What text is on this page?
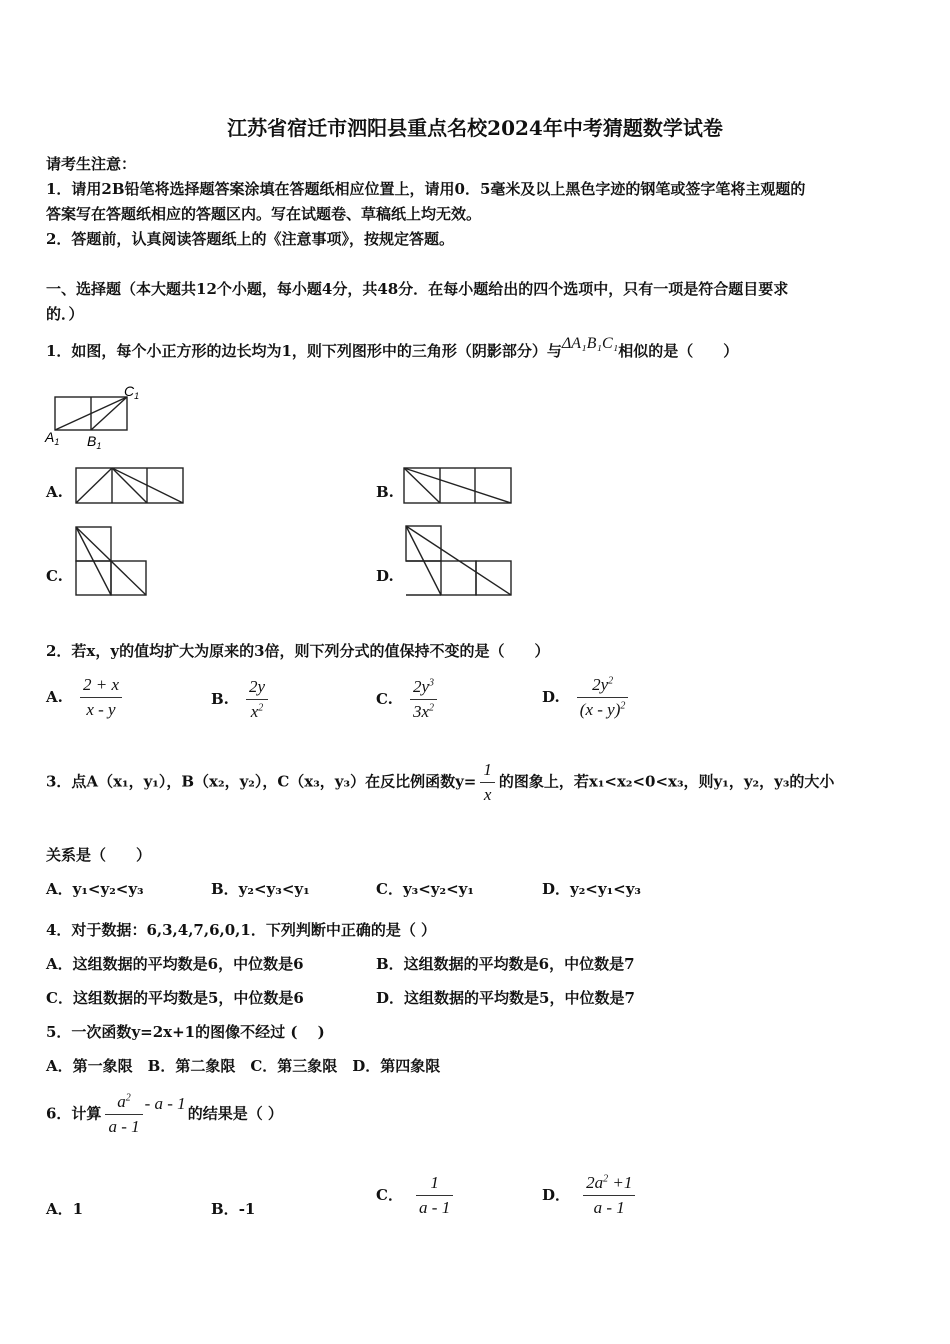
江苏省宿迁市泗阳县重点名校2024年中考猜题数学试卷
请考生注意：
1．请用2B铅笔将选择题答案涂填在答题纸相应位置上，请用0．5毫米及以上黑色字迹的钢笔或签字笔将主观题的
答案写在答题纸相应的答题区内。写在试题卷、草稿纸上均无效。
2．答题前，认真阅读答题纸上的《注意事项》，按规定答题。
一、选择题（本大题共12个小题，每小题4分，共48分．在每小题给出的四个选项中，只有一项是符合题目要求
的．）
1．如图，每个小正方形的边长均为1，则下列图形中的三角形（阴影部分）与ΔA₁B₁C₁相似的是（　　）
$A_1$ $B_1$
$C_1$
A.	B.
C.	D.
2．若x，y的值均扩大为原来的3倍，则下列分式的值保持不变的是（　　）
A. $\frac{2 + x}{x - y}$	B. $\frac{2y}{x^2}$	C. $\frac{2y^3}{3x^2}$	D. $\frac{2y^2}{(x - y)^2}$
3．点A（x₁，y₁），B（x₂，y₂），C（x₃，y₃）在反比例函数$y= \frac{1}{x}$ 的图象上，若x₁<x₂<0<x₃，则y₁，y₂，y₃的大小
关系是（　　）
A．y₁<y₂<y₃	B．y₂<y₃<y₁	C．y₃<y₂<y₁	D．y₂<y₁<y₃
4．对于数据：6,3,4,7,6,0,1．下列判断中正确的是（ ）
A．这组数据的平均数是6，中位数是6	B．这组数据的平均数是6，中位数是7
C．这组数据的平均数是5，中位数是6	D．这组数据的平均数是5，中位数是7
5．一次函数y=2x+1的图像不经过 ( 　)
A．第一象限　B．第二象限　C．第三象限　D．第四象限
6．计算 $\frac{a^2}{a - 1}$ - a - 1的结果是（ ）
A．1	B．-1
C． $\frac{1}{a - 1}$	D． $\frac{2a^2 +1}{a - 1}$
